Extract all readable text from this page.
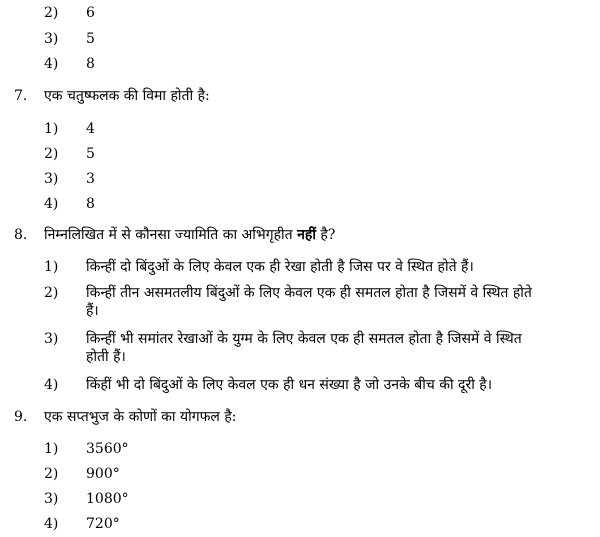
2) 6
3) 5
4) 8
7. एक चतुष्फलक की विमा होती है:
1) 4
2) 5
3) 3
4) 8
8. निम्नलिखित में से कौनसा ज्यामिति का अभिगृहीत नहीं है?
1) किन्हीं दो बिंदुओं के लिए केवल एक ही रेखा होती है जिस पर वे स्थित होते हैं।
2) किन्हीं तीन असमतलीय बिंदुओं के लिए केवल एक ही समतल होता है जिसमें वे स्थित होते
हैं।
3) किन्हीं भी समांतर रेखाओं के युग्म के लिए केवल एक ही समतल होता है जिसमें वे स्थित
होती हैं।
4) किंहीं भी दो बिंदुओं के लिए केवल एक ही धन संख्या है जो उनके बीच की दूरी है।
9. एक सप्तभुज के कोणों का योगफल है:
1) 3560°
2) 900°
3) 1080°
4) 720°
